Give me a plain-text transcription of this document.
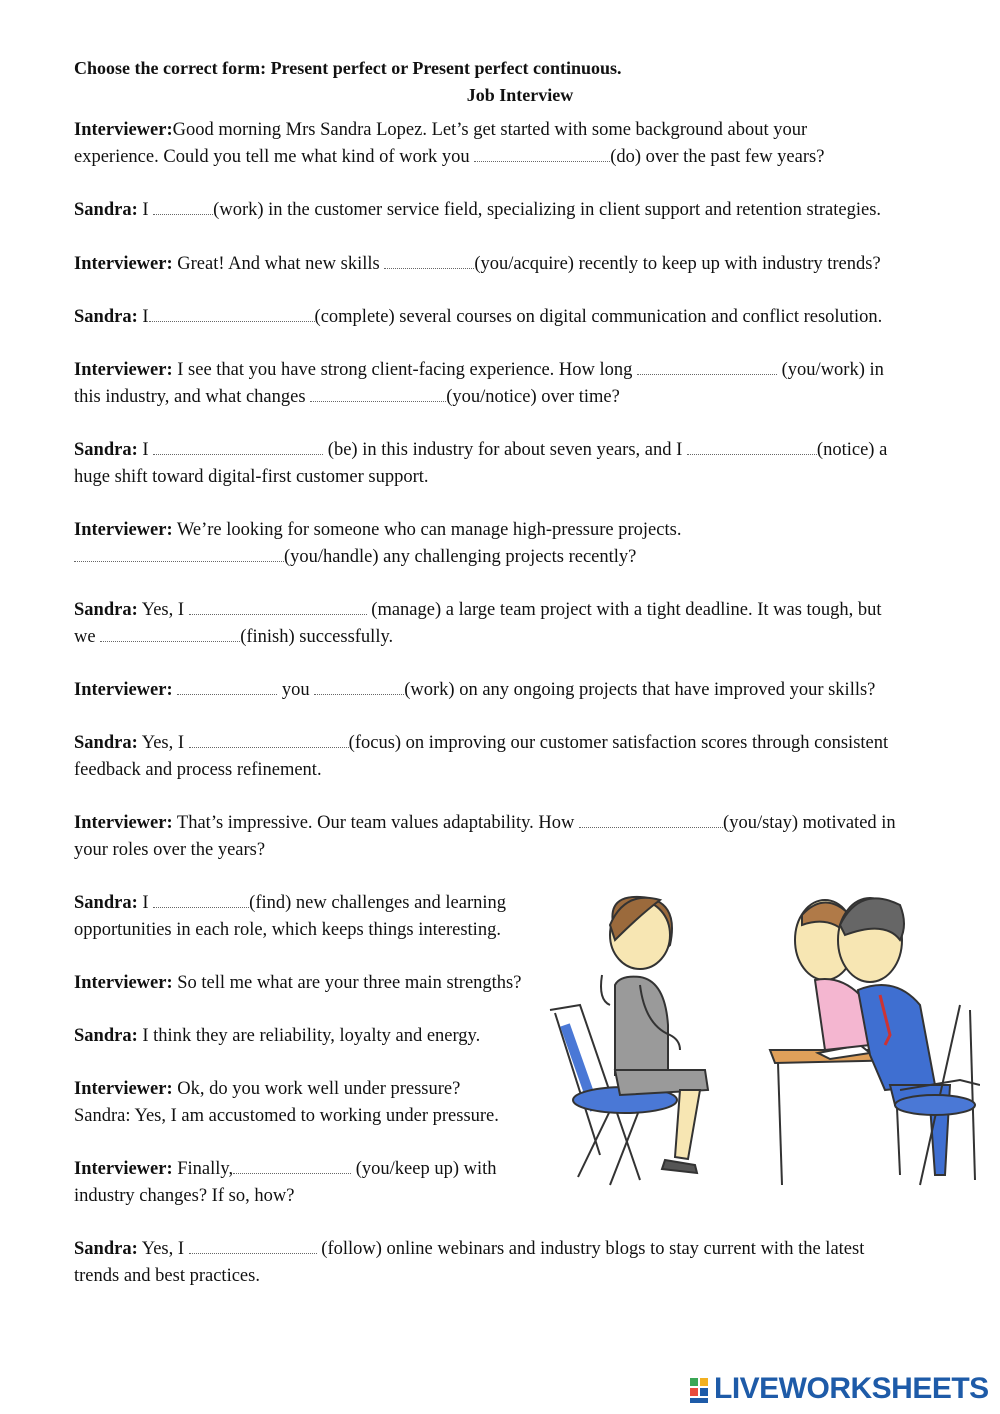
Choose the correct form: Present perfect or Present perfect continuous.
Job Interview
Interviewer:Good morning Mrs Sandra Lopez. Let’s get started with some background about your
experience. Could you tell me what kind of work you	(do) over the past few years?
Sandra: I	(work) in the customer service field, specializing in client support and retention strategies.
Interviewer: Great! And what new skills	(you/acquire) recently to keep up with industry trends?
Sandra: I	(complete) several courses on digital communication and conflict resolution.
Interviewer: I see that you have strong client-facing experience. How long	(you/work) in
this industry, and what changes	(you/notice) over time?
Sandra: I	(be) in this industry for about seven years, and I	(notice) a
huge shift toward digital-first customer support.
Interviewer: We’re looking for someone who can manage high-pressure projects.
(you/handle) any challenging projects recently?
Sandra: Yes, I	(manage) a large team project with a tight deadline. It was tough, but
we	(finish) successfully.
Interviewer:	you	(work) on any ongoing projects that have improved your skills?
Sandra: Yes, I	(focus) on improving our customer satisfaction scores through consistent
feedback and process refinement.
Interviewer: That’s impressive. Our team values adaptability. How	(you/stay) motivated in
your roles over the years?
Sandra: I	(find) new challenges and learning
opportunities in each role, which keeps things interesting.
Interviewer: So tell me what are your three main strengths?
Sandra: I think they are reliability, loyalty and energy.
Interviewer: Ok, do you work well under pressure?
Sandra: Yes, I am accustomed to working under pressure.
Interviewer: Finally,	(you/keep up) with
industry changes? If so, how?
Sandra: Yes, I	(follow) online webinars and industry blogs to stay current with the latest
trends and best practices.
LIVEWORKSHEETS
